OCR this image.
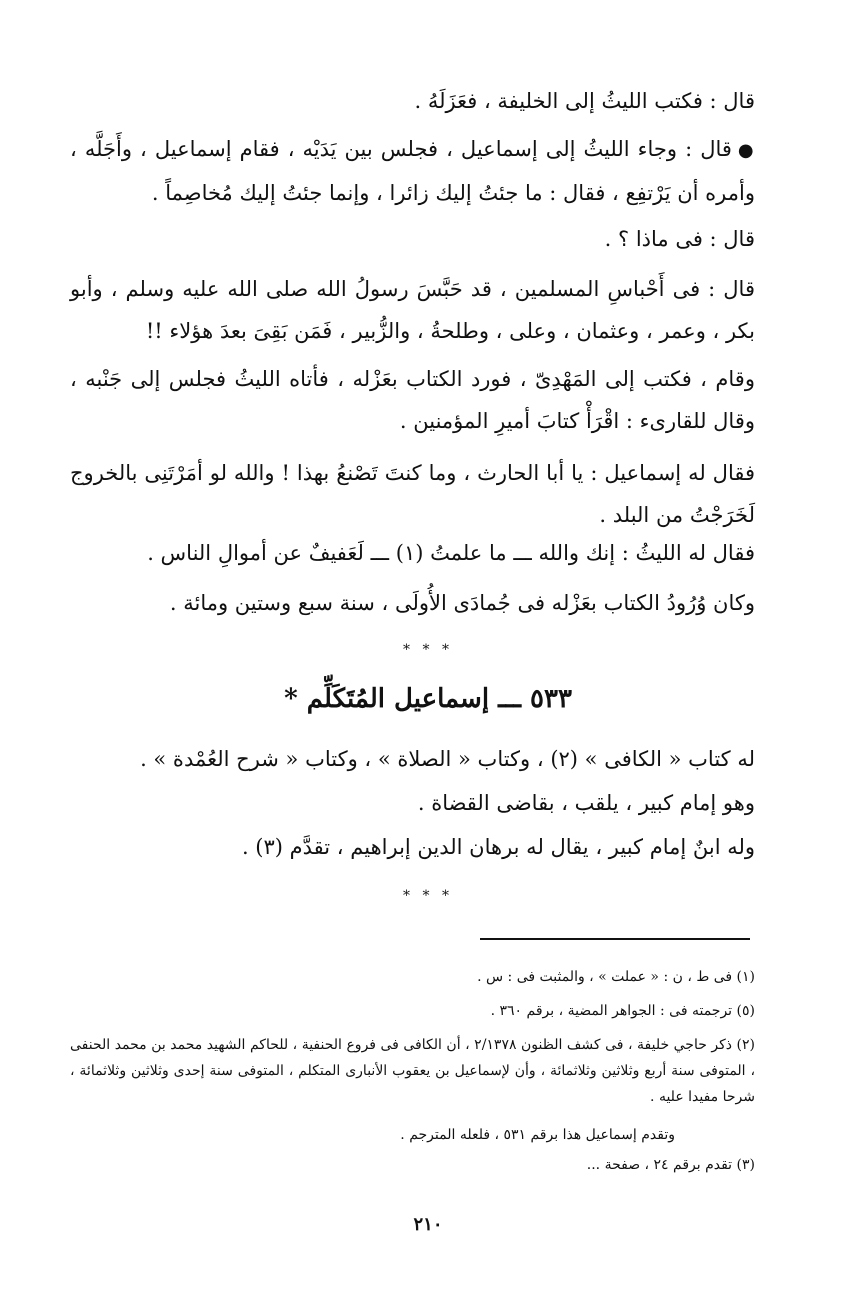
قال : فكتب الليثُ إلى الخليفة ، فعَزَلَهُ .

●قال : وجاء الليثُ إلى إسماعيل ، فجلس بين يَدَيْه ، فقام إسماعيل ، وأَجَلَّه ، وأمره أن يَرْتفِع ، فقال : ما جئتُ إليك زائرا ، وإنما جئتُ إليك مُخاصِماً .

قال : فى ماذا ؟ .

قال : فى أَحْباسِ المسلمين ، قد حَبَّسَ رسولُ الله صلى الله عليه وسلم ، وأبو بكر ، وعمر ، وعثمان ، وعلى ، وطلحةُ ، والزُّبير ، فَمَن بَقِىَ بعدَ هؤلاء !!

وقام ، فكتب إلى المَهْدِىّ ، فورد الكتاب بعَزْله ، فأتاه الليثُ فجلس إلى جَنْبه ، وقال للقارىء : اقْرَأْ كتابَ أميرِ المؤمنين .

فقال له إسماعيل : يا أبا الحارث ، وما كنتَ تَصْنعُ بهذا ! والله لو أمَرْتَنِى بالخروج لَخَرَجْتُ من البلد .

فقال له الليثُ : إنك والله ـــ ما علمتُ (١) ـــ لَعَفيفٌ عن أموالِ الناس .

وكان وُرُودُ الكتاب بعَزْله فى جُمادَى الأُولَى ، سنة سبع وستين ومائة .

* * *
٥٣٣ ـــ إسماعيل المُتَكَلِّم *

له كتاب « الكافى » (٢) ، وكتاب « الصلاة » ، وكتاب « شرح العُمْدة » .

وهو إمام كبير ، يلقب ، بقاضى القضاة .

وله ابنٌ إمام كبير ، يقال له برهان الدين إبراهيم ، تقدَّم (٣) .

* * *

(١) فى ط ، ن : « عملت » ، والمثبت فى : س .

(٥) ترجمته فى : الجواهر المضية ، برقم ٣٦٠ .

(٢) ذكر حاجي خليفة ، فى كشف الظنون ٢/١٣٧٨ ، أن الكافى فى فروع الحنفية ، للحاكم الشهيد محمد بن محمد الحنفى ، المتوفى سنة أربع وثلاثين وثلاثمائة ، وأن لإسماعيل بن يعقوب الأنبارى المتكلم ، المتوفى سنة إحدى وثلاثين وثلاثمائة ، شرحا مفيدا عليه .

وتقدم إسماعيل هذا برقم ٥٣١ ، فلعله المترجم .

(٣) تقدم برقم ٢٤ ، صفحة ...

٢١٠
